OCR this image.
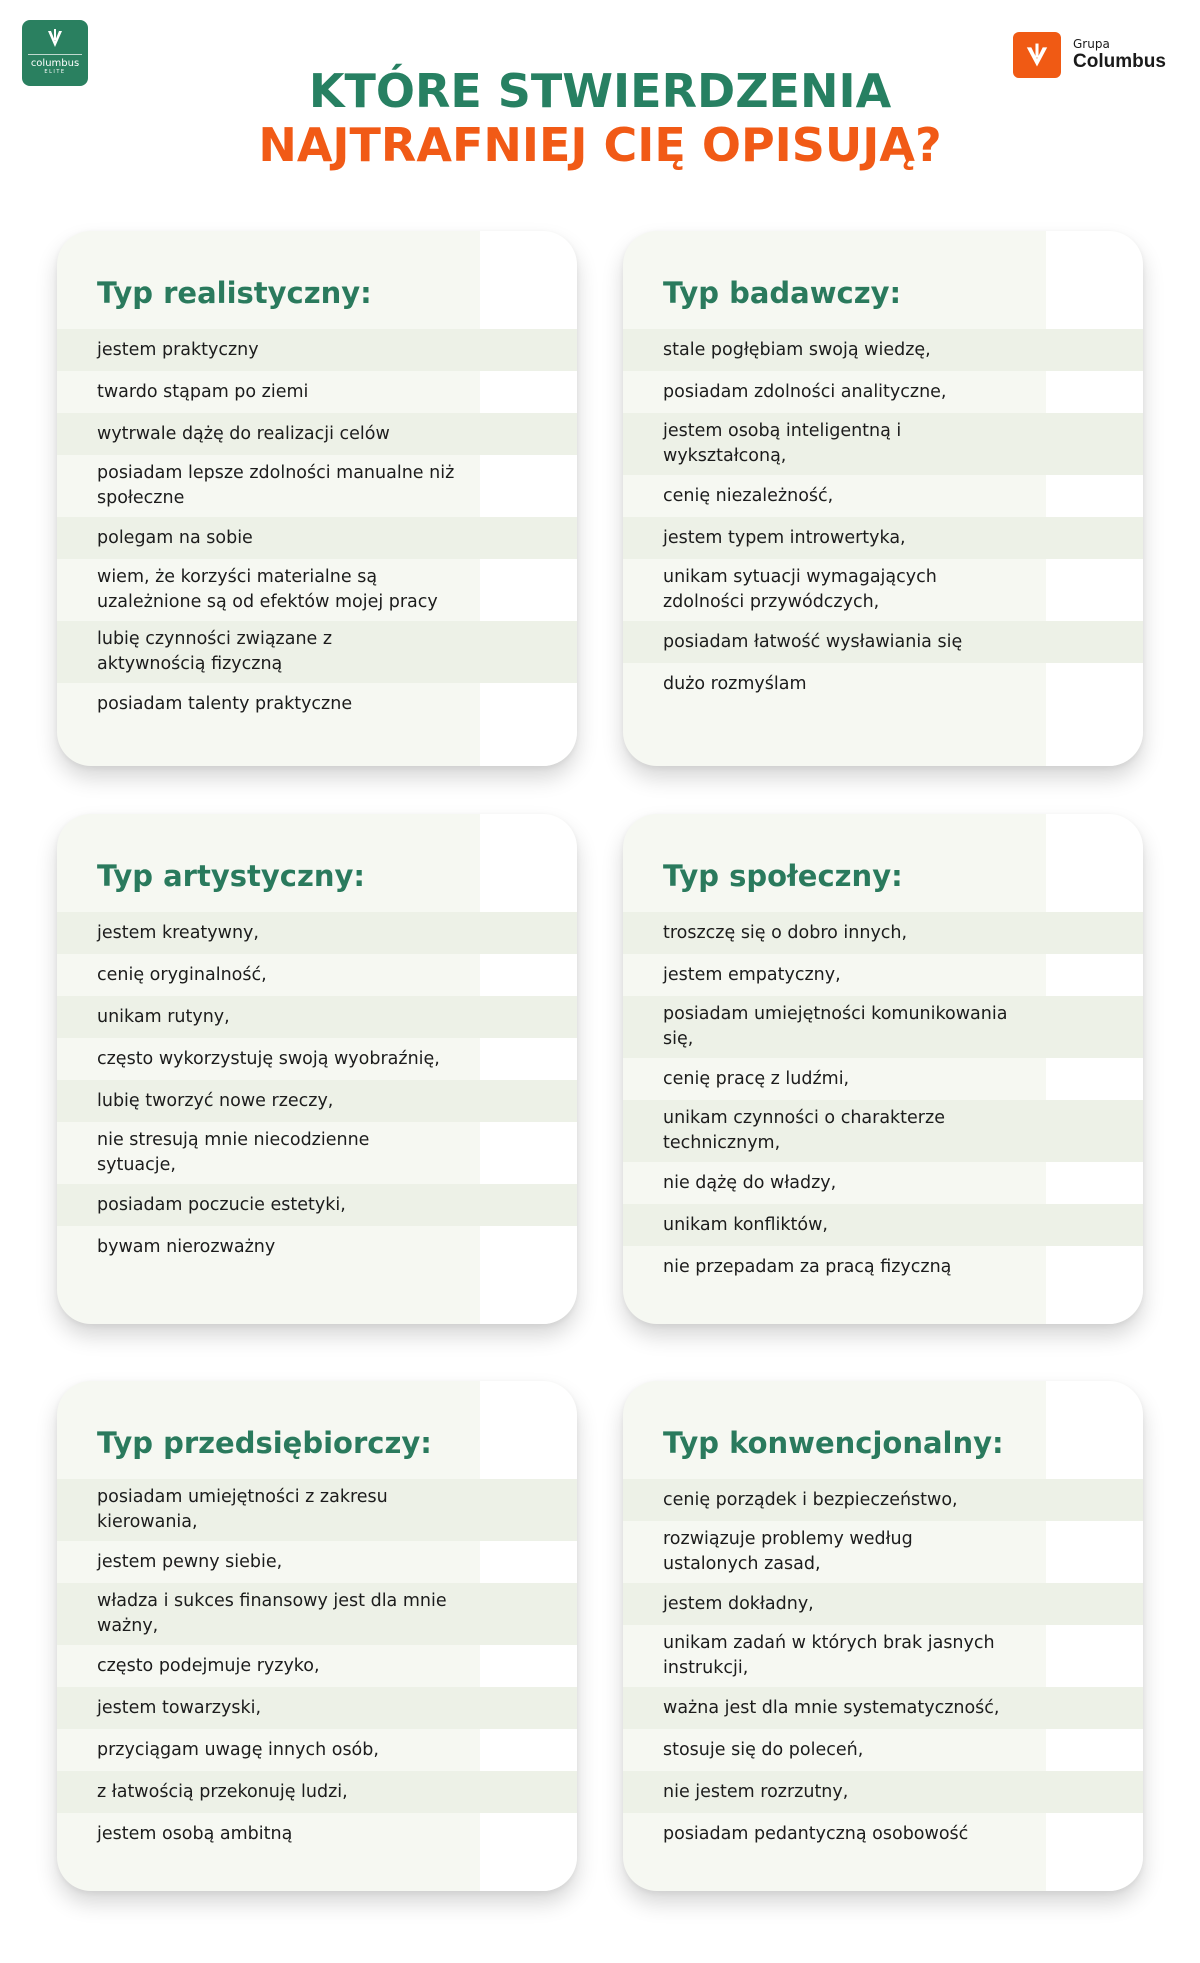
columbus
ELITE
Grupa
Columbus
KTÓRE STWIERDZENIA
NAJTRAFNIEJ CIĘ OPISUJĄ?
Typ realistyczny:
jestem praktyczny
twardo stąpam po ziemi
wytrwale dążę do realizacji celów
posiadam lepsze zdolności manualne niż społeczne
polegam na sobie
wiem, że korzyści materialne są uzależnione są od efektów mojej pracy
lubię czynności związane z aktywnością fizyczną
posiadam talenty praktyczne
Typ badawczy:
stale pogłębiam swoją wiedzę,
posiadam zdolności analityczne,
jestem osobą inteligentną i wykształconą,
cenię niezależność,
jestem typem introwertyka,
unikam sytuacji wymagających zdolności przywódczych,
posiadam łatwość wysławiania się
dużo rozmyślam
Typ artystyczny:
jestem kreatywny,
cenię oryginalność,
unikam rutyny,
często wykorzystuję swoją wyobraźnię,
lubię tworzyć nowe rzeczy,
nie stresują mnie niecodzienne sytuacje,
posiadam poczucie estetyki,
bywam nierozważny
Typ społeczny:
troszczę się o dobro innych,
jestem empatyczny,
posiadam umiejętności komunikowania się,
cenię pracę z ludźmi,
unikam czynności o charakterze technicznym,
nie dążę do władzy,
unikam konfliktów,
nie przepadam za pracą fizyczną
Typ przedsiębiorczy:
posiadam umiejętności z zakresu kierowania,
jestem pewny siebie,
władza i sukces finansowy jest dla mnie ważny,
często podejmuje ryzyko,
jestem towarzyski,
przyciągam uwagę innych osób,
z łatwością przekonuję ludzi,
jestem osobą ambitną
Typ konwencjonalny:
cenię porządek i bezpieczeństwo,
rozwiązuje problemy według ustalonych zasad,
jestem dokładny,
unikam zadań w których brak jasnych instrukcji,
ważna jest dla mnie systematyczność,
stosuje się do poleceń,
nie jestem rozrzutny,
posiadam pedantyczną osobowość
